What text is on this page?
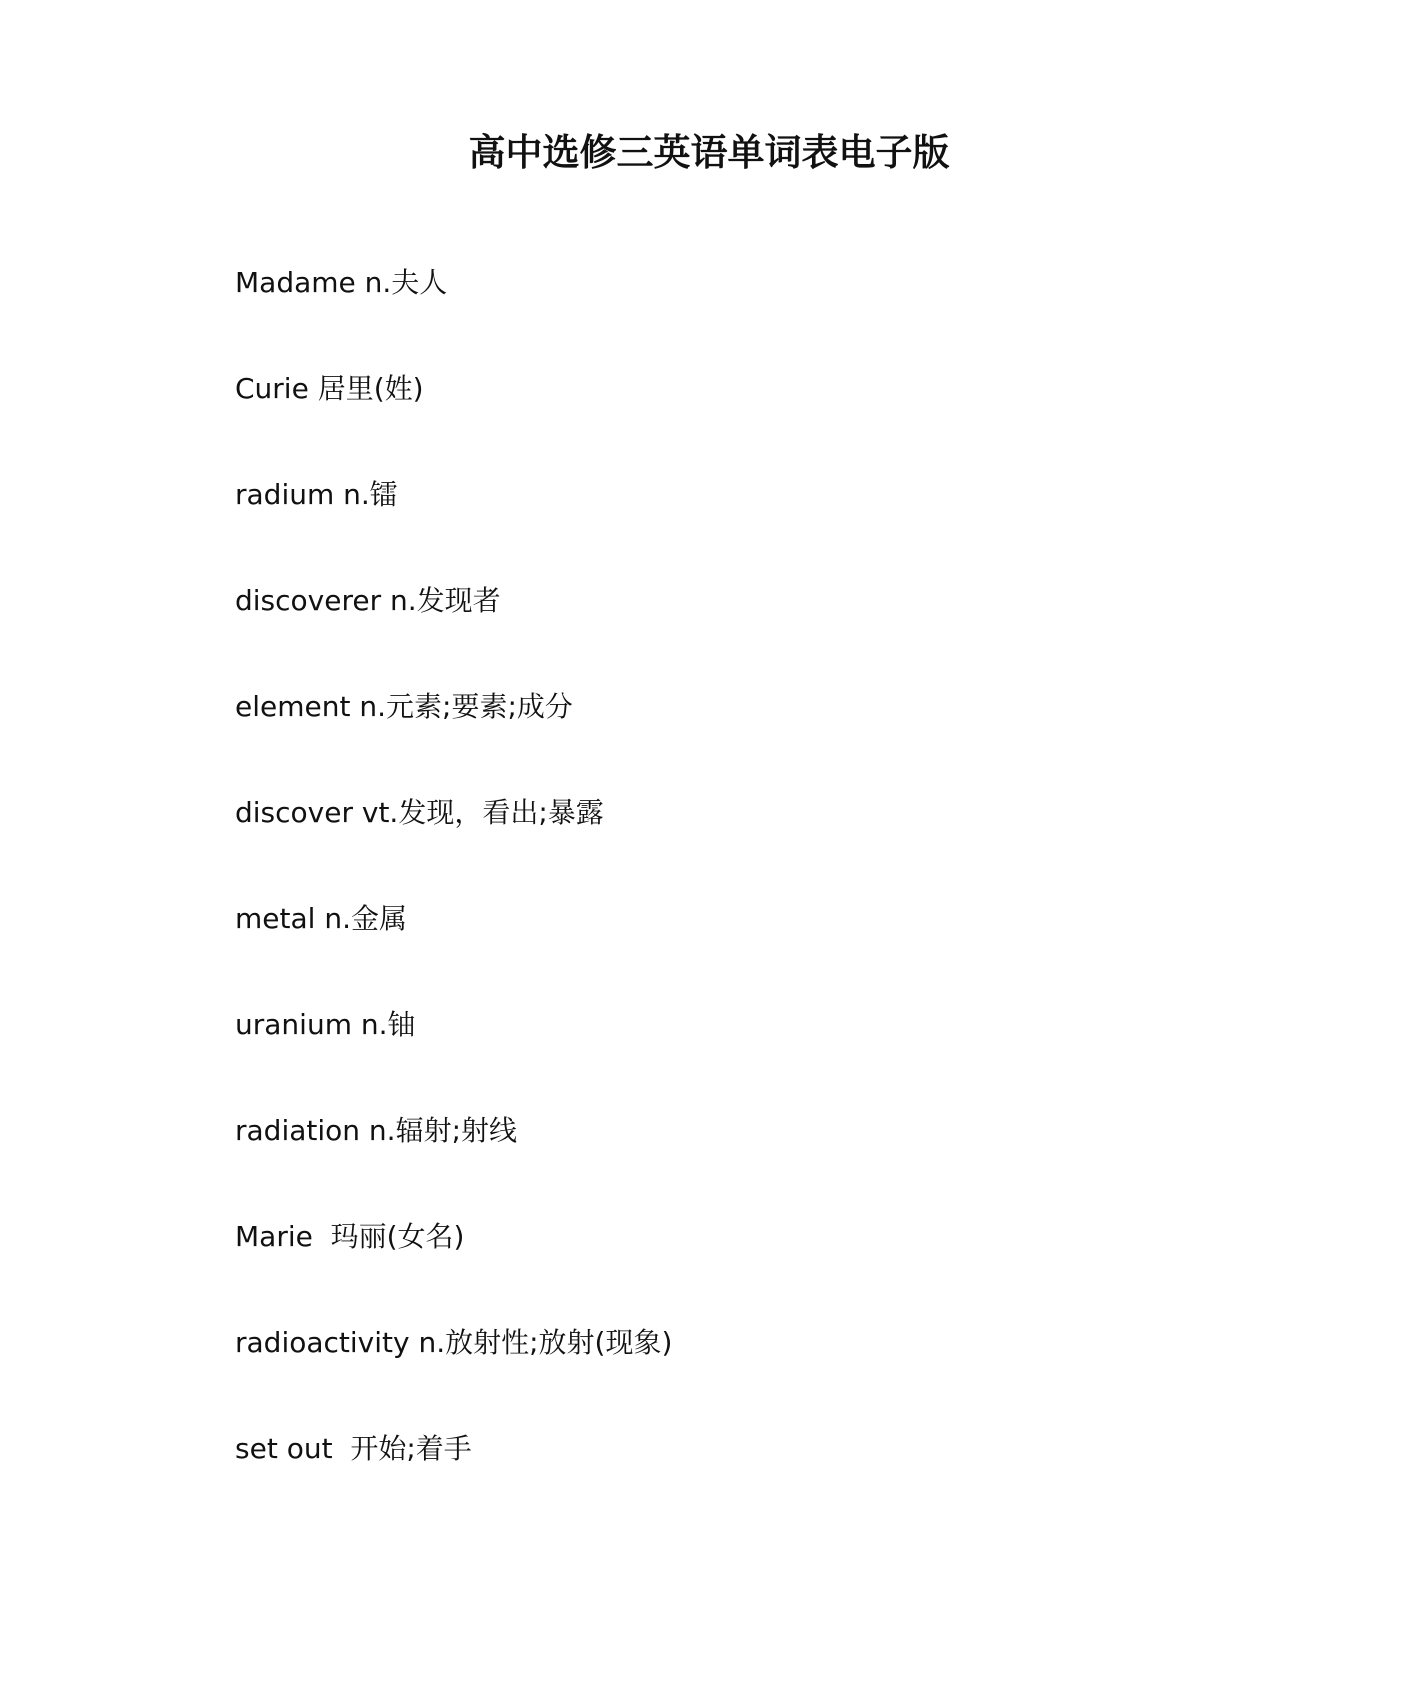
高中选修三英语单词表电子版
Madame n.夫人
Curie 居里(姓)
radium n.镭
discoverer n.发现者
element n.元素;要素;成分
discover vt.发现，看出;暴露
metal n.金属
uranium n.铀
radiation n.辐射;射线
Marie  玛丽(女名)
radioactivity n.放射性;放射(现象)
set out  开始;着手
